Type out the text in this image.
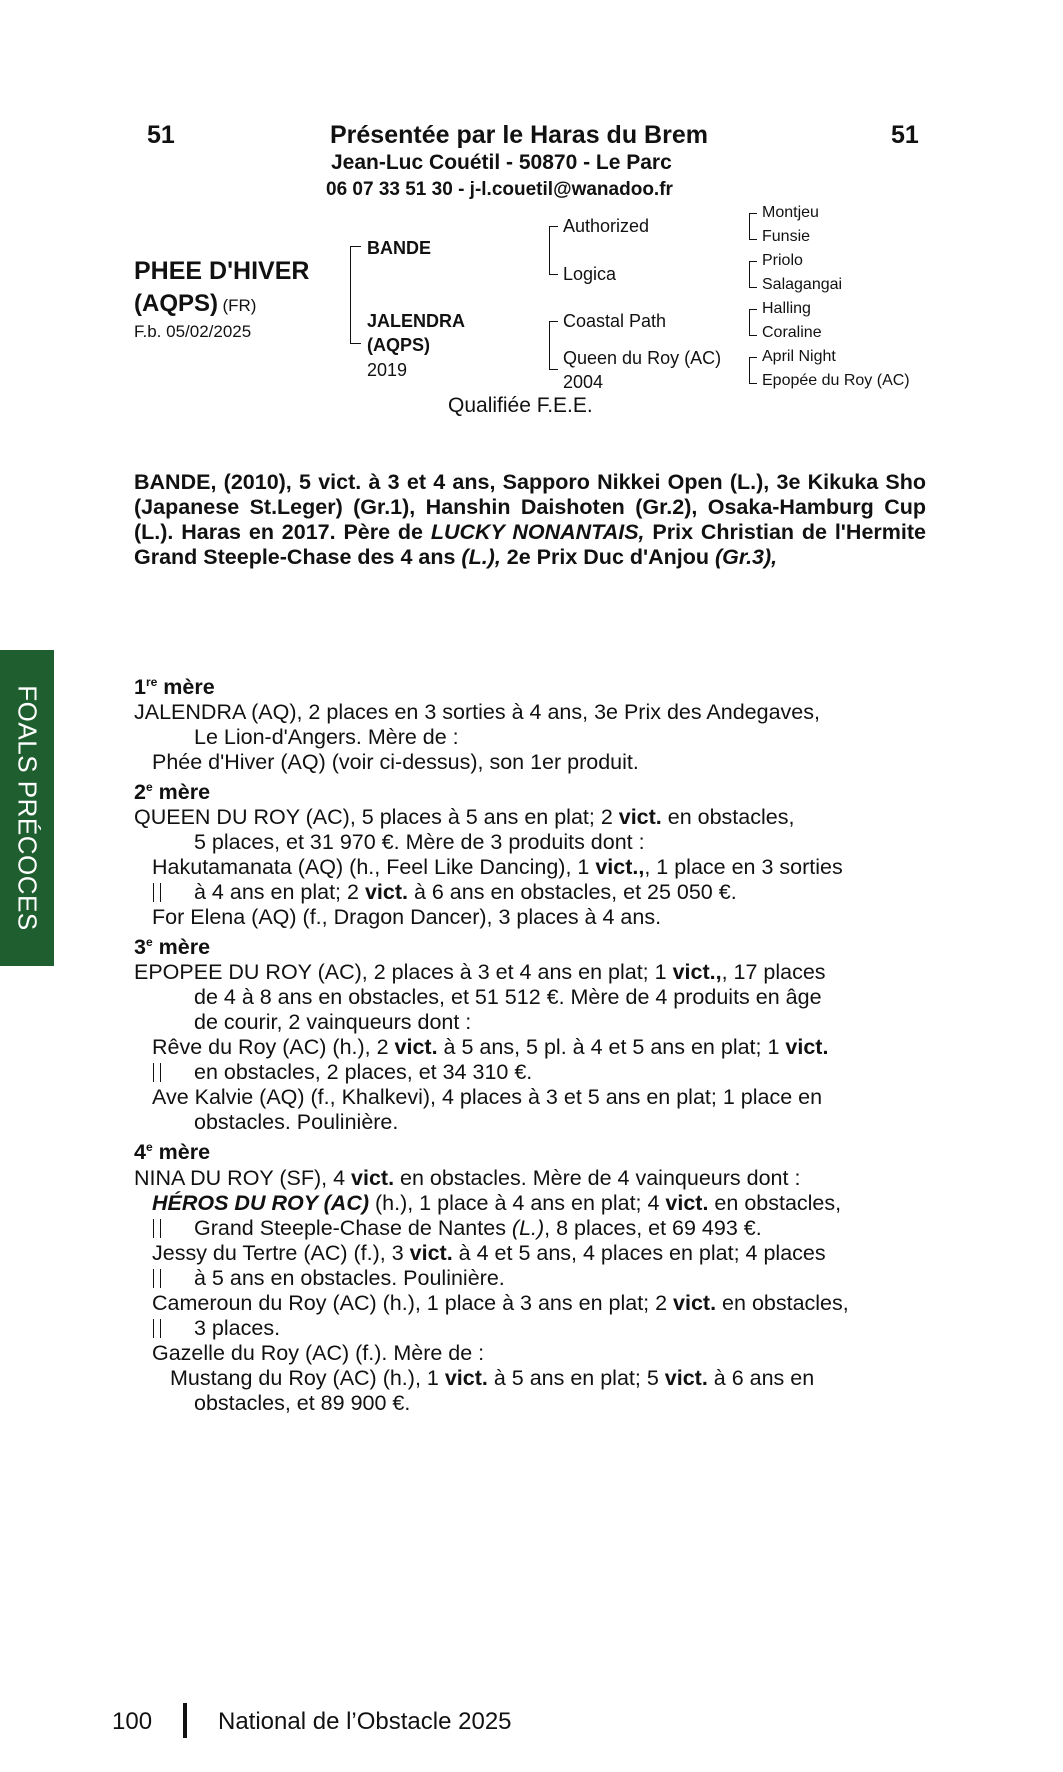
51	Présentée par le Haras du Brem	51
Jean-Luc Couétil - 50870 - Le Parc
06 07 33 51 30 - j-l.couetil@wanadoo.fr
PHEE D'HIVER
(AQPS) (FR)
F.b. 05/02/2025
BANDE
JALENDRA
(AQPS)
2019
Authorized
Logica
Coastal Path
Queen du Roy (AC)
2004
Montjeu
Funsie
Priolo
Salagangai
Halling
Coraline
April Night
Epopée du Roy (AC)
Qualifiée F.E.E.
BANDE, (2010), 5 vict. à 3 et 4 ans, Sapporo Nikkei Open (L.), 3e Kikuka Sho (Japanese St.Leger) (Gr.1), Hanshin Daishoten (Gr.2), Osaka-Hamburg Cup (L.). Haras en 2017. Père de LUCKY NONANTAIS, Prix Christian de l'Hermite Grand Steeple-Chase des 4 ans (L.), 2e Prix Duc d'Anjou (Gr.3),
FOALS PRÉCOCES	1re mère
JALENDRA (AQ), 2 places en 3 sorties à 4 ans, 3e Prix des Andegaves,
Le Lion-d'Angers. Mère de :
Phée d'Hiver (AQ) (voir ci-dessus), son 1er produit.
2e mère
QUEEN DU ROY (AC), 5 places à 5 ans en plat; 2 vict. en obstacles,
5 places, et 31 970 €. Mère de 3 produits dont :
Hakutamanata (AQ) (h., Feel Like Dancing), 1 vict.,, 1 place en 3 sorties
à 4 ans en plat; 2 vict. à 6 ans en obstacles, et 25 050 €.
For Elena (AQ) (f., Dragon Dancer), 3 places à 4 ans.
3e mère
EPOPEE DU ROY (AC), 2 places à 3 et 4 ans en plat; 1 vict.,, 17 places
de 4 à 8 ans en obstacles, et 51 512 €. Mère de 4 produits en âge
de courir, 2 vainqueurs dont :
Rêve du Roy (AC) (h.), 2 vict. à 5 ans, 5 pl. à 4 et 5 ans en plat; 1 vict.
en obstacles, 2 places, et 34 310 €.
Ave Kalvie (AQ) (f., Khalkevi), 4 places à 3 et 5 ans en plat; 1 place en
obstacles. Poulinière.
4e mère
NINA DU ROY (SF), 4 vict. en obstacles. Mère de 4 vainqueurs dont :
HÉROS DU ROY (AC) (h.), 1 place à 4 ans en plat; 4 vict. en obstacles,
Grand Steeple-Chase de Nantes (L.), 8 places, et 69 493 €.
Jessy du Tertre (AC) (f.), 3 vict. à 4 et 5 ans, 4 places en plat; 4 places
à 5 ans en obstacles. Poulinière.
Cameroun du Roy (AC) (h.), 1 place à 3 ans en plat; 2 vict. en obstacles,
3 places.
Gazelle du Roy (AC) (f.). Mère de :
Mustang du Roy (AC) (h.), 1 vict. à 5 ans en plat; 5 vict. à 6 ans en
obstacles, et 89 900 €.
100	National de l’Obstacle 2025
